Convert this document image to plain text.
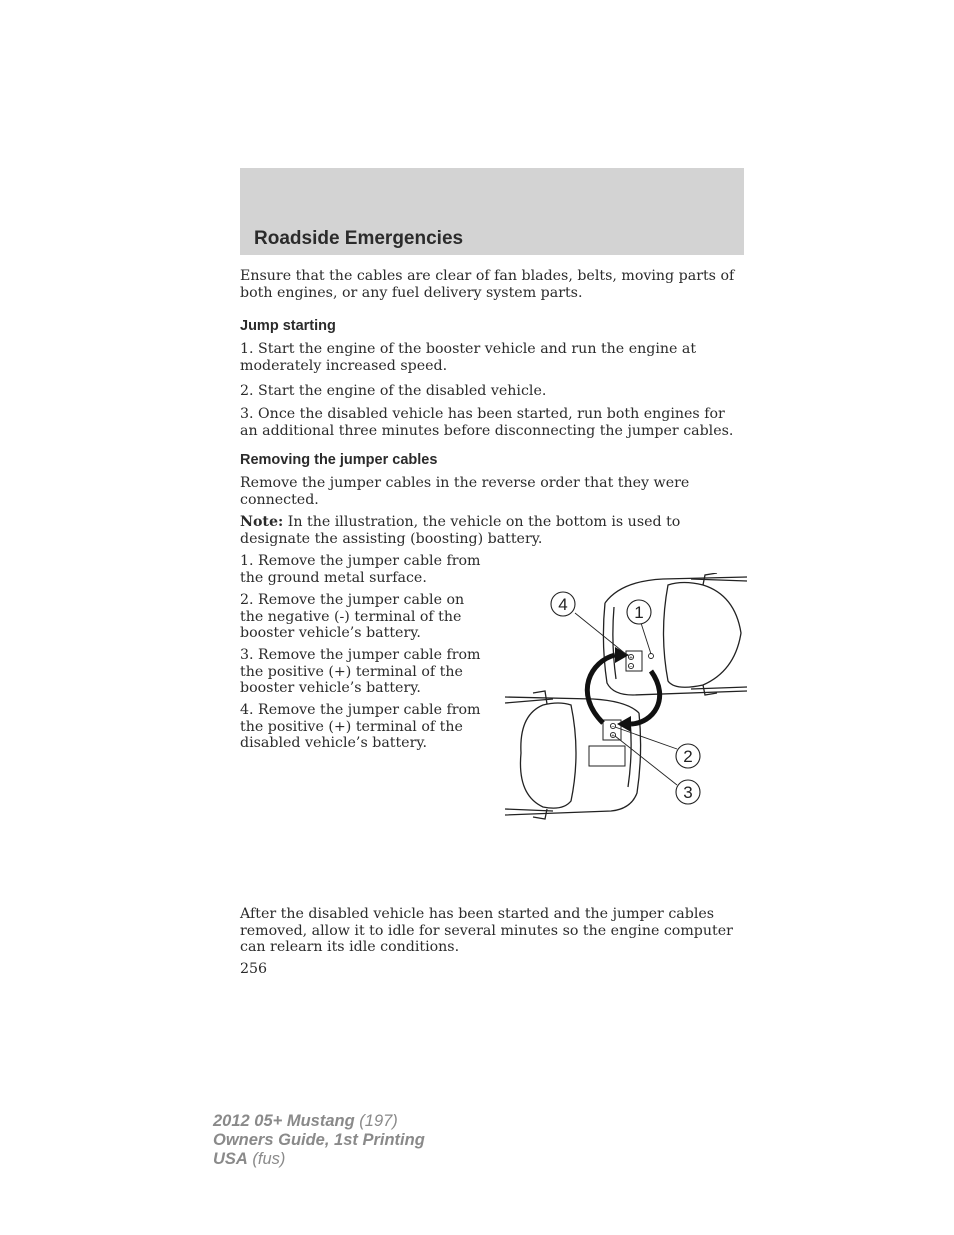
Roadside Emergencies

Ensure that the cables are clear of fan blades, belts, moving parts of both engines, or any fuel delivery system parts.

Jump starting

1. Start the engine of the booster vehicle and run the engine at moderately increased speed.

2. Start the engine of the disabled vehicle.

3. Once the disabled vehicle has been started, run both engines for an additional three minutes before disconnecting the jumper cables.

Removing the jumper cables

Remove the jumper cables in the reverse order that they were connected.

Note: In the illustration, the vehicle on the bottom is used to designate the assisting (boosting) battery.

1. Remove the jumper cable from the ground metal surface.

2. Remove the jumper cable on the negative (-) terminal of the booster vehicle’s battery.

3. Remove the jumper cable from the positive (+) terminal of the booster vehicle’s battery.

4. Remove the jumper cable from the positive (+) terminal of the disabled vehicle’s battery.

4	1
2
3
+
−
−
+

After the disabled vehicle has been started and the jumper cables removed, allow it to idle for several minutes so the engine computer can relearn its idle conditions.

256
2012 05+ Mustang (197)
Owners Guide, 1st Printing
USA (fus)
